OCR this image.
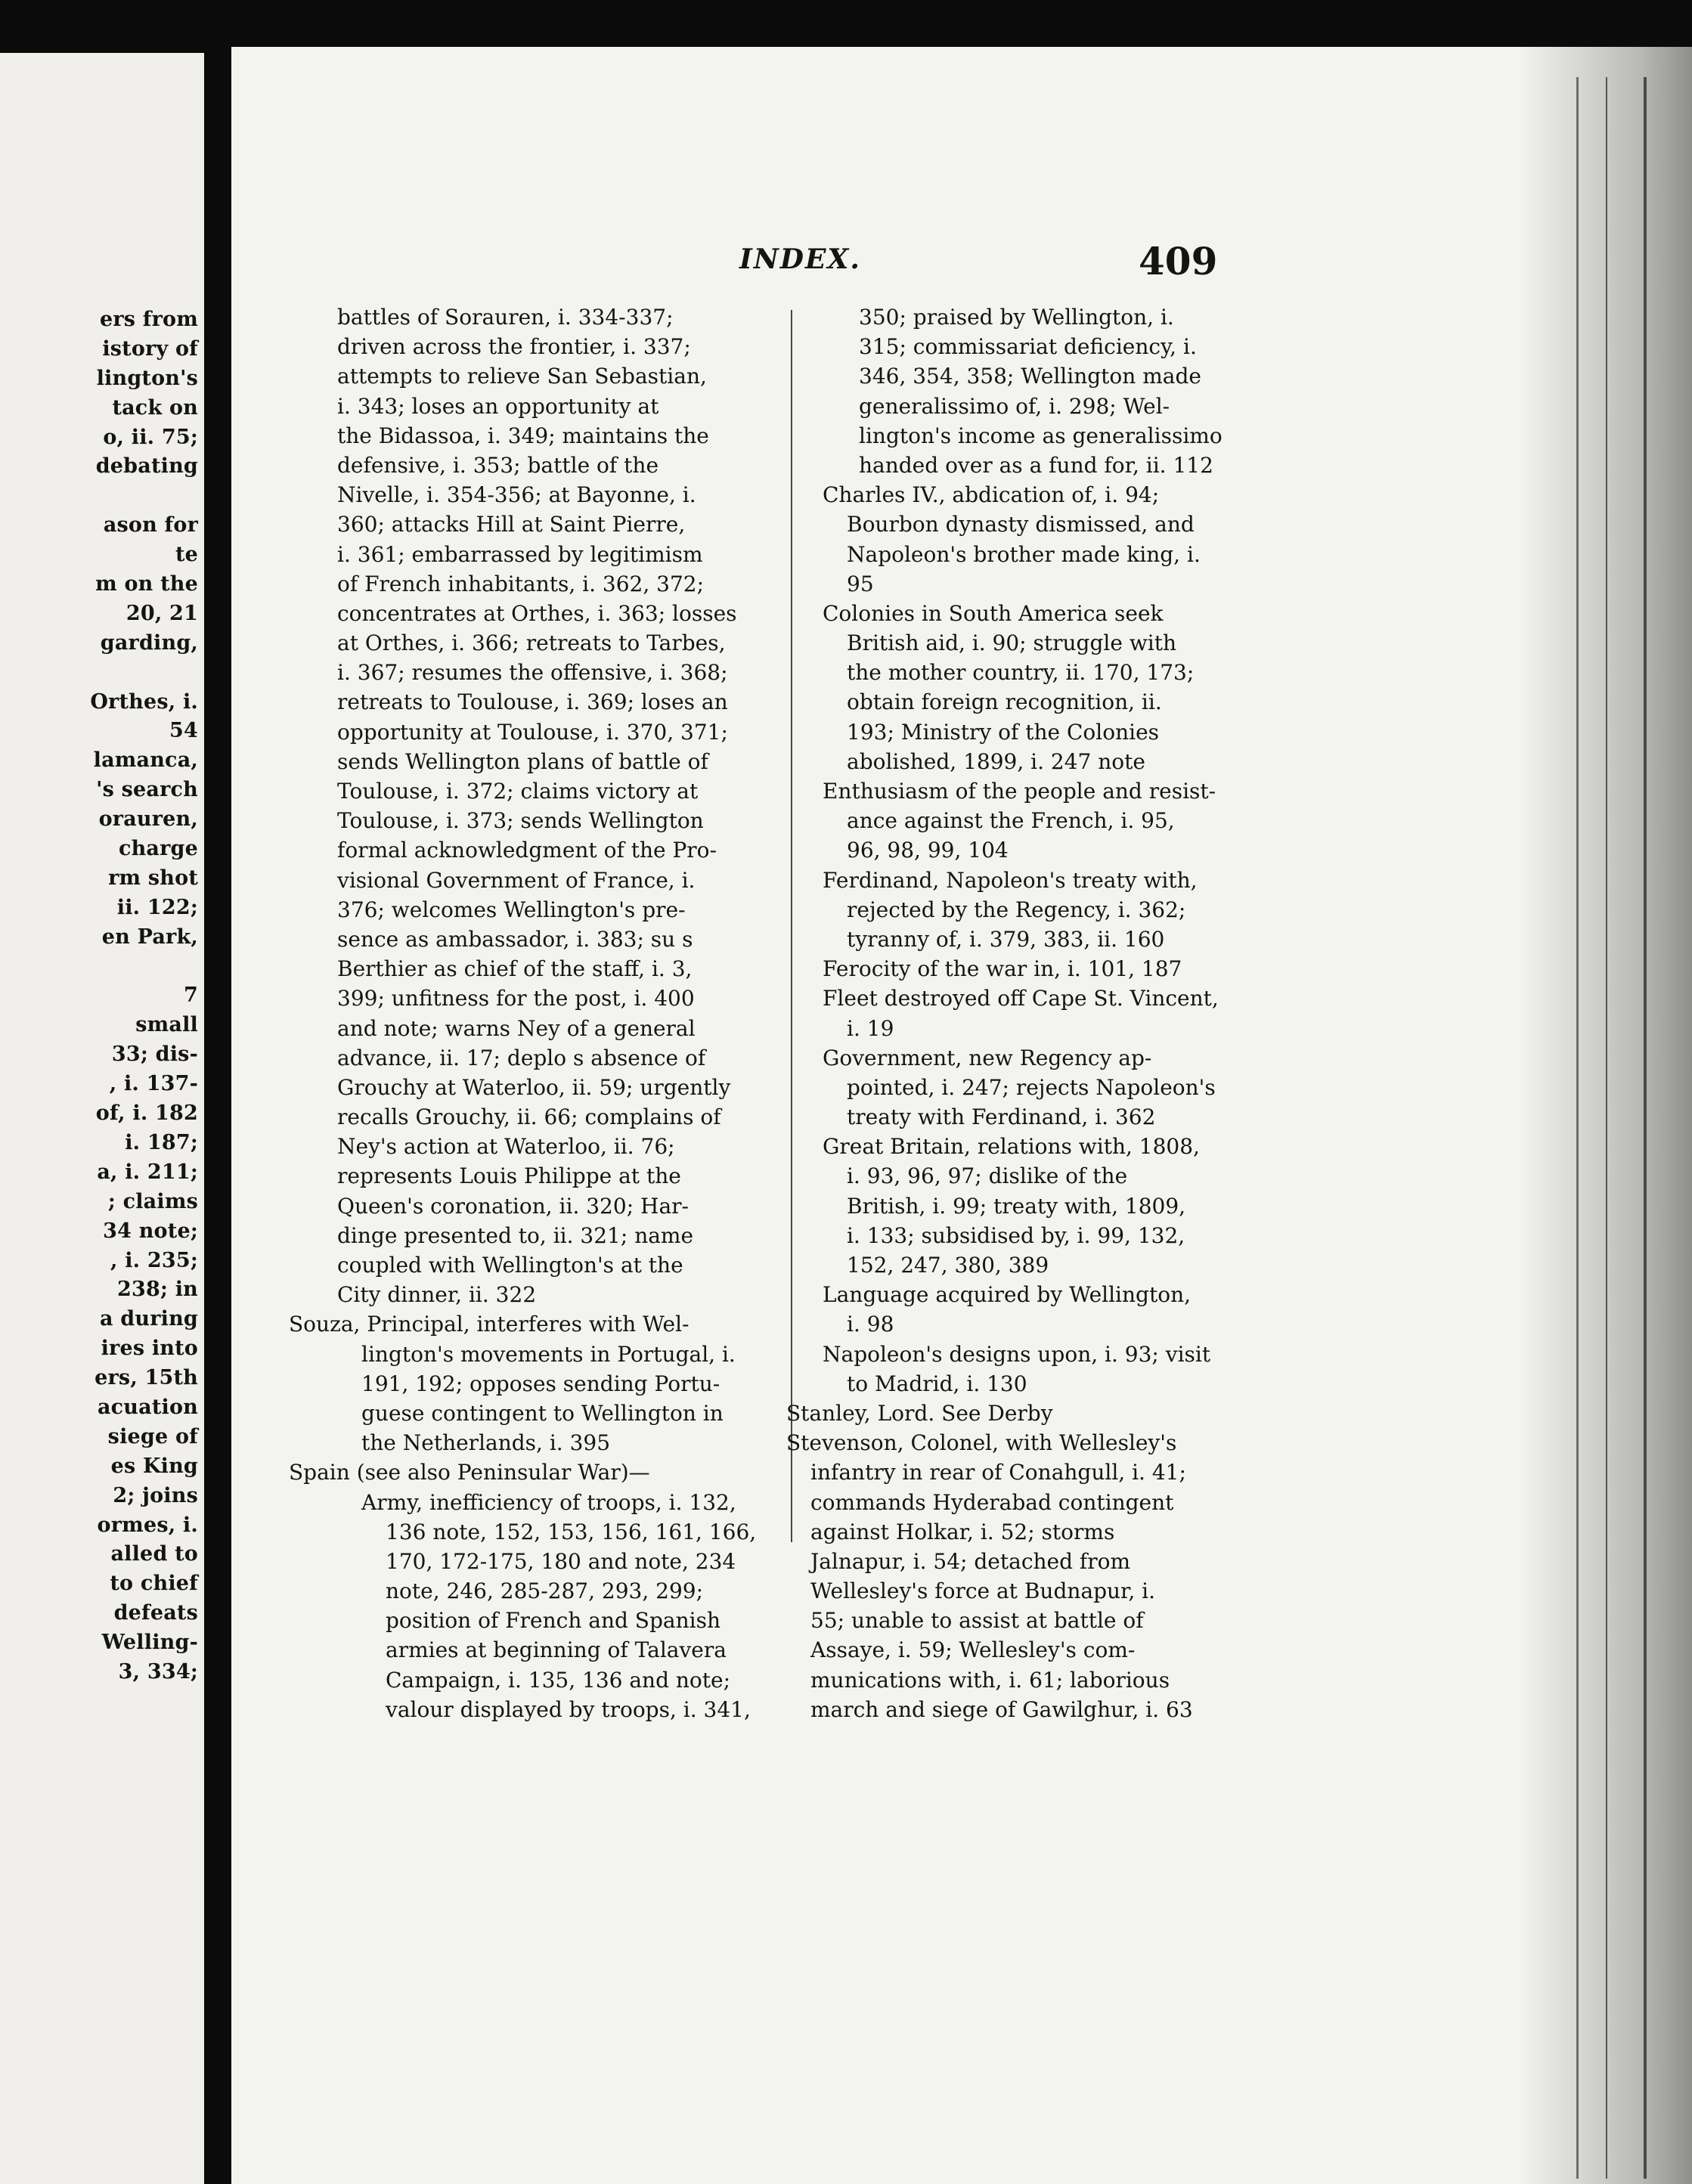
ers from
istory of
lington's
tack on
o, ii. 75;
debating
ason for
te
m on the
20, 21
garding,
Orthes, i.
54
lamanca,
's search
orauren,
charge
rm shot
ii. 122;
en Park,
7
small
33; dis-
, i. 137-
of, i. 182
i. 187;
a, i. 211;
; claims
34 note;
, i. 235;
238; in
a during
ires into
ers, 15th
acuation
siege of
es King
2; joins
ormes, i.
alled to
to chief
defeats
Welling-
3, 334;
INDEX.	409
battles of Sorauren, i. 334-337;
driven across the frontier, i. 337;
attempts to relieve San Sebastian,
i. 343; loses an opportunity at
the Bidassoa, i. 349; maintains the
defensive, i. 353; battle of the
Nivelle, i. 354-356; at Bayonne, i.
360; attacks Hill at Saint Pierre,
i. 361; embarrassed by legitimism
of French inhabitants, i. 362, 372;
concentrates at Orthes, i. 363; losses
at Orthes, i. 366; retreats to Tarbes,
i. 367; resumes the offensive, i. 368;
retreats to Toulouse, i. 369; loses an
opportunity at Toulouse, i. 370, 371;
sends Wellington plans of battle of
Toulouse, i. 372; claims victory at
Toulouse, i. 373; sends Wellington
formal acknowledgment of the Pro-
visional Government of France, i.
376; welcomes Wellington's pre-
sence as ambassador, i. 383; su s
Berthier as chief of the staff, i. 3,
399; unfitness for the post, i. 400
and note; warns Ney of a general
advance, ii. 17; deplo s absence of
Grouchy at Waterloo, ii. 59; urgently
recalls Grouchy, ii. 66; complains of
Ney's action at Waterloo, ii. 76;
represents Louis Philippe at the
Queen's coronation, ii. 320; Har-
dinge presented to, ii. 321; name
coupled with Wellington's at the
City dinner, ii. 322
Souza, Principal, interferes with Wel-
lington's movements in Portugal, i.
191, 192; opposes sending Portu-
guese contingent to Wellington in
the Netherlands, i. 395
Spain (see also Peninsular War)—
Army, inefficiency of troops, i. 132,
136 note, 152, 153, 156, 161, 166,
170, 172-175, 180 and note, 234
note, 246, 285-287, 293, 299;
position of French and Spanish
armies at beginning of Talavera
Campaign, i. 135, 136 and note;
valour displayed by troops, i. 341,
350; praised by Wellington, i.
315; commissariat deficiency, i.
346, 354, 358; Wellington made
generalissimo of, i. 298; Wel-
lington's income as generalissimo
handed over as a fund for, ii. 112
Charles IV., abdication of, i. 94;
Bourbon dynasty dismissed, and
Napoleon's brother made king, i.
95
Colonies in South America seek
British aid, i. 90; struggle with
the mother country, ii. 170, 173;
obtain foreign recognition, ii.
193; Ministry of the Colonies
abolished, 1899, i. 247 note
Enthusiasm of the people and resist-
ance against the French, i. 95,
96, 98, 99, 104
Ferdinand, Napoleon's treaty with,
rejected by the Regency, i. 362;
tyranny of, i. 379, 383, ii. 160
Ferocity of the war in, i. 101, 187
Fleet destroyed off Cape St. Vincent,
i. 19
Government, new Regency ap-
pointed, i. 247; rejects Napoleon's
treaty with Ferdinand, i. 362
Great Britain, relations with, 1808,
i. 93, 96, 97; dislike of the
British, i. 99; treaty with, 1809,
i. 133; subsidised by, i. 99, 132,
152, 247, 380, 389
Language acquired by Wellington,
i. 98
Napoleon's designs upon, i. 93; visit
to Madrid, i. 130
Stanley, Lord. See Derby
Stevenson, Colonel, with Wellesley's
infantry in rear of Conahgull, i. 41;
commands Hyderabad contingent
against Holkar, i. 52; storms
Jalnapur, i. 54; detached from
Wellesley's force at Budnapur, i.
55; unable to assist at battle of
Assaye, i. 59; Wellesley's com-
munications with, i. 61; laborious
march and siege of Gawilghur, i. 63
